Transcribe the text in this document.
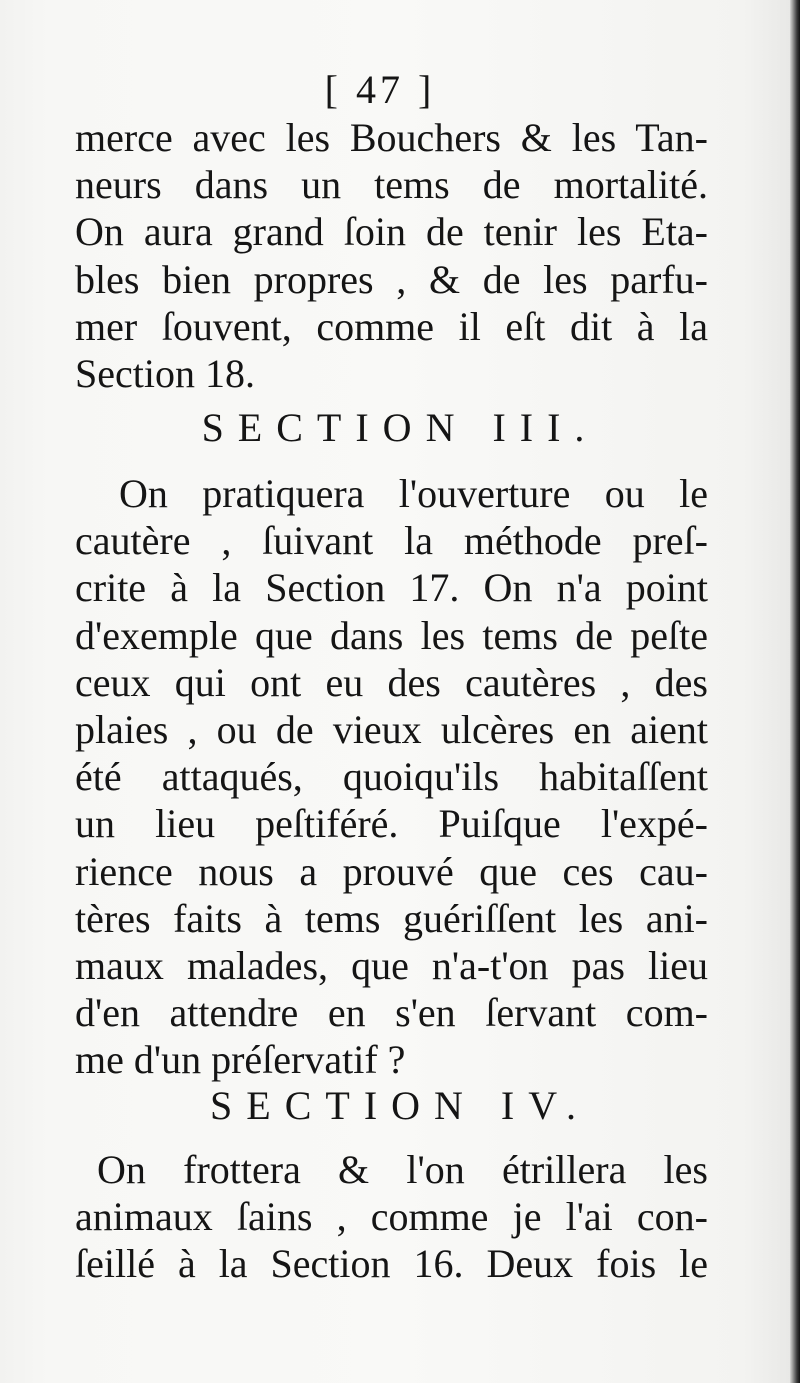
[ 47 ]
merce avec les Bouchers & les Tan-
neurs dans un tems de mortalité.
On aura grand ſoin de tenir les Eta-
bles bien propres , & de les parfu-
mer ſouvent, comme il eſt dit à la
Section 18.
SECTION III.
On pratiquera l'ouverture ou le
cautère , ſuivant la méthode preſ-
crite à la Section 17. On n'a point
d'exemple que dans les tems de peſte
ceux qui ont eu des cautères , des
plaies , ou de vieux ulcères en aient
été attaqués, quoiqu'ils habitaſſent
un lieu peſtiféré. Puiſque l'expé-
rience nous a prouvé que ces cau-
tères faits à tems guériſſent les ani-
maux malades, que n'a-t'on pas lieu
d'en attendre en s'en ſervant com-
me d'un préſervatif ?
SECTION IV.
On frottera & l'on étrillera les
animaux ſains , comme je l'ai con-
ſeillé à la Section 16. Deux fois le
